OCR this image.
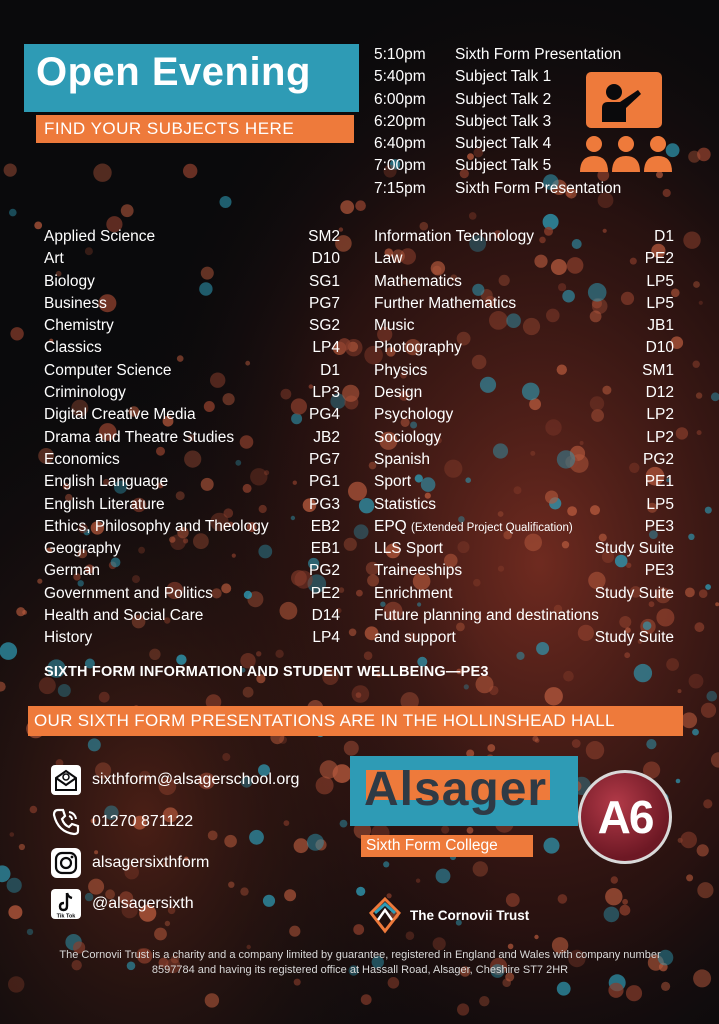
Open Evening
FIND YOUR SUBJECTS HERE
5:10pm	Sixth Form Presentation
5:40pm	Subject Talk 1
6:00pm	Subject Talk 2
6:20pm	Subject Talk 3
6:40pm	Subject Talk 4
7:00pm	Subject Talk 5
7:15pm	Sixth Form Presentation
Applied Science	SM2
Art	D10
Biology	SG1
Business	PG7
Chemistry	SG2
Classics	LP4
Computer Science	D1
Criminology	LP3
Digital Creative Media	PG4
Drama and Theatre Studies	JB2
Economics	PG7
English Language	PG1
English Literature	PG3
Ethics, Philosophy and Theology	EB2
Geography	EB1
German	PG2
Government and Politics	PE2
Health and Social Care	D14
History	LP4
Information Technology	D1
Law	PE2
Mathematics	LP5
Further Mathematics	LP5
Music	JB1
Photography	D10
Physics	SM1
Design	D12
Psychology	LP2
Sociology	LP2
Spanish	PG2
Sport	PE1
Statistics	LP5
EPQ (Extended Project Qualification)	PE3
LLS Sport	Study Suite
Traineeships	PE3
Enrichment	Study Suite
Future planning and destinations
and support	Study Suite
SIXTH FORM INFORMATION AND STUDENT WELLBEING—PE3
OUR SIXTH FORM PRESENTATIONS ARE IN THE HOLLINSHEAD HALL
sixthform@alsagerschool.org
01270 871122
alsagersixthform
Tik Tok
@alsagersixth
Alsager
Sixth Form College
A6
The Cornovii Trust
The Cornovii Trust is a charity and a company limited by guarantee, registered in England and Wales with company number 8597784 and having its registered office at Hassall Road, Alsager, Cheshire ST7 2HR
